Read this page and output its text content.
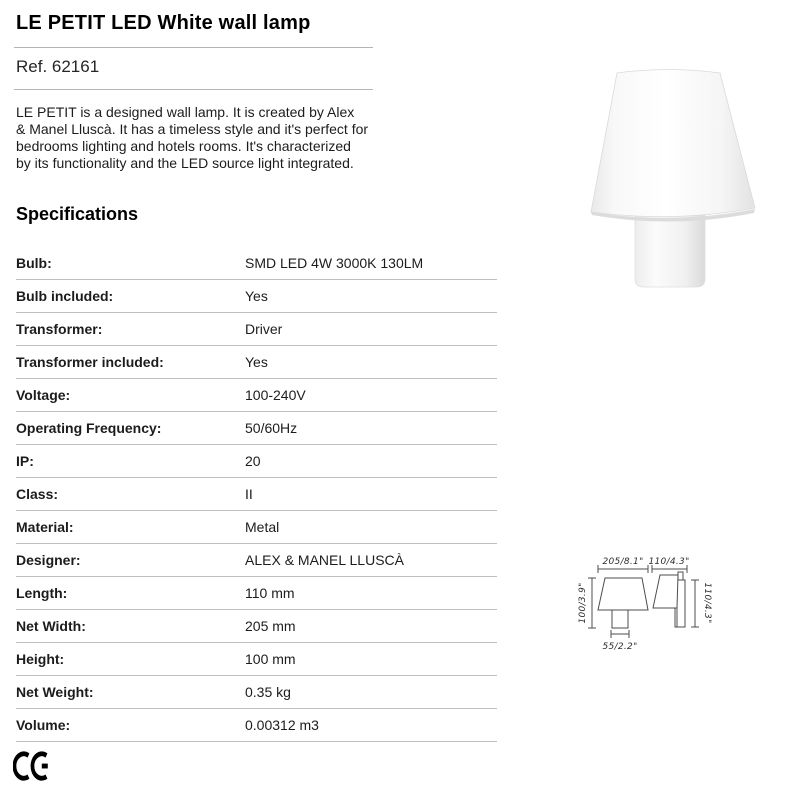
LE PETIT LED White wall lamp
Ref. 62161
LE PETIT is a designed wall lamp. It is created by Alex
& Manel Lluscà. It has a timeless style and it's perfect for
bedrooms lighting and hotels rooms. It's characterized
by its functionality and the LED source light integrated.
Specifications
Bulb:	SMD LED 4W 3000K 130LM
Bulb included:	Yes
Transformer:	Driver
Transformer included:	Yes
Voltage:	100-240V
Operating Frequency:	50/60Hz
IP:	20
Class:	II
Material:	Metal
Designer:	ALEX & MANEL LLUSCÀ
Length:	110 mm
Net Width:	205 mm
Height:	100 mm
Net Weight:	0.35 kg
Volume:	0.00312 m3
205/8.1"
100/3.9"
55/2.2"
110/4.3"
110/4.3"
